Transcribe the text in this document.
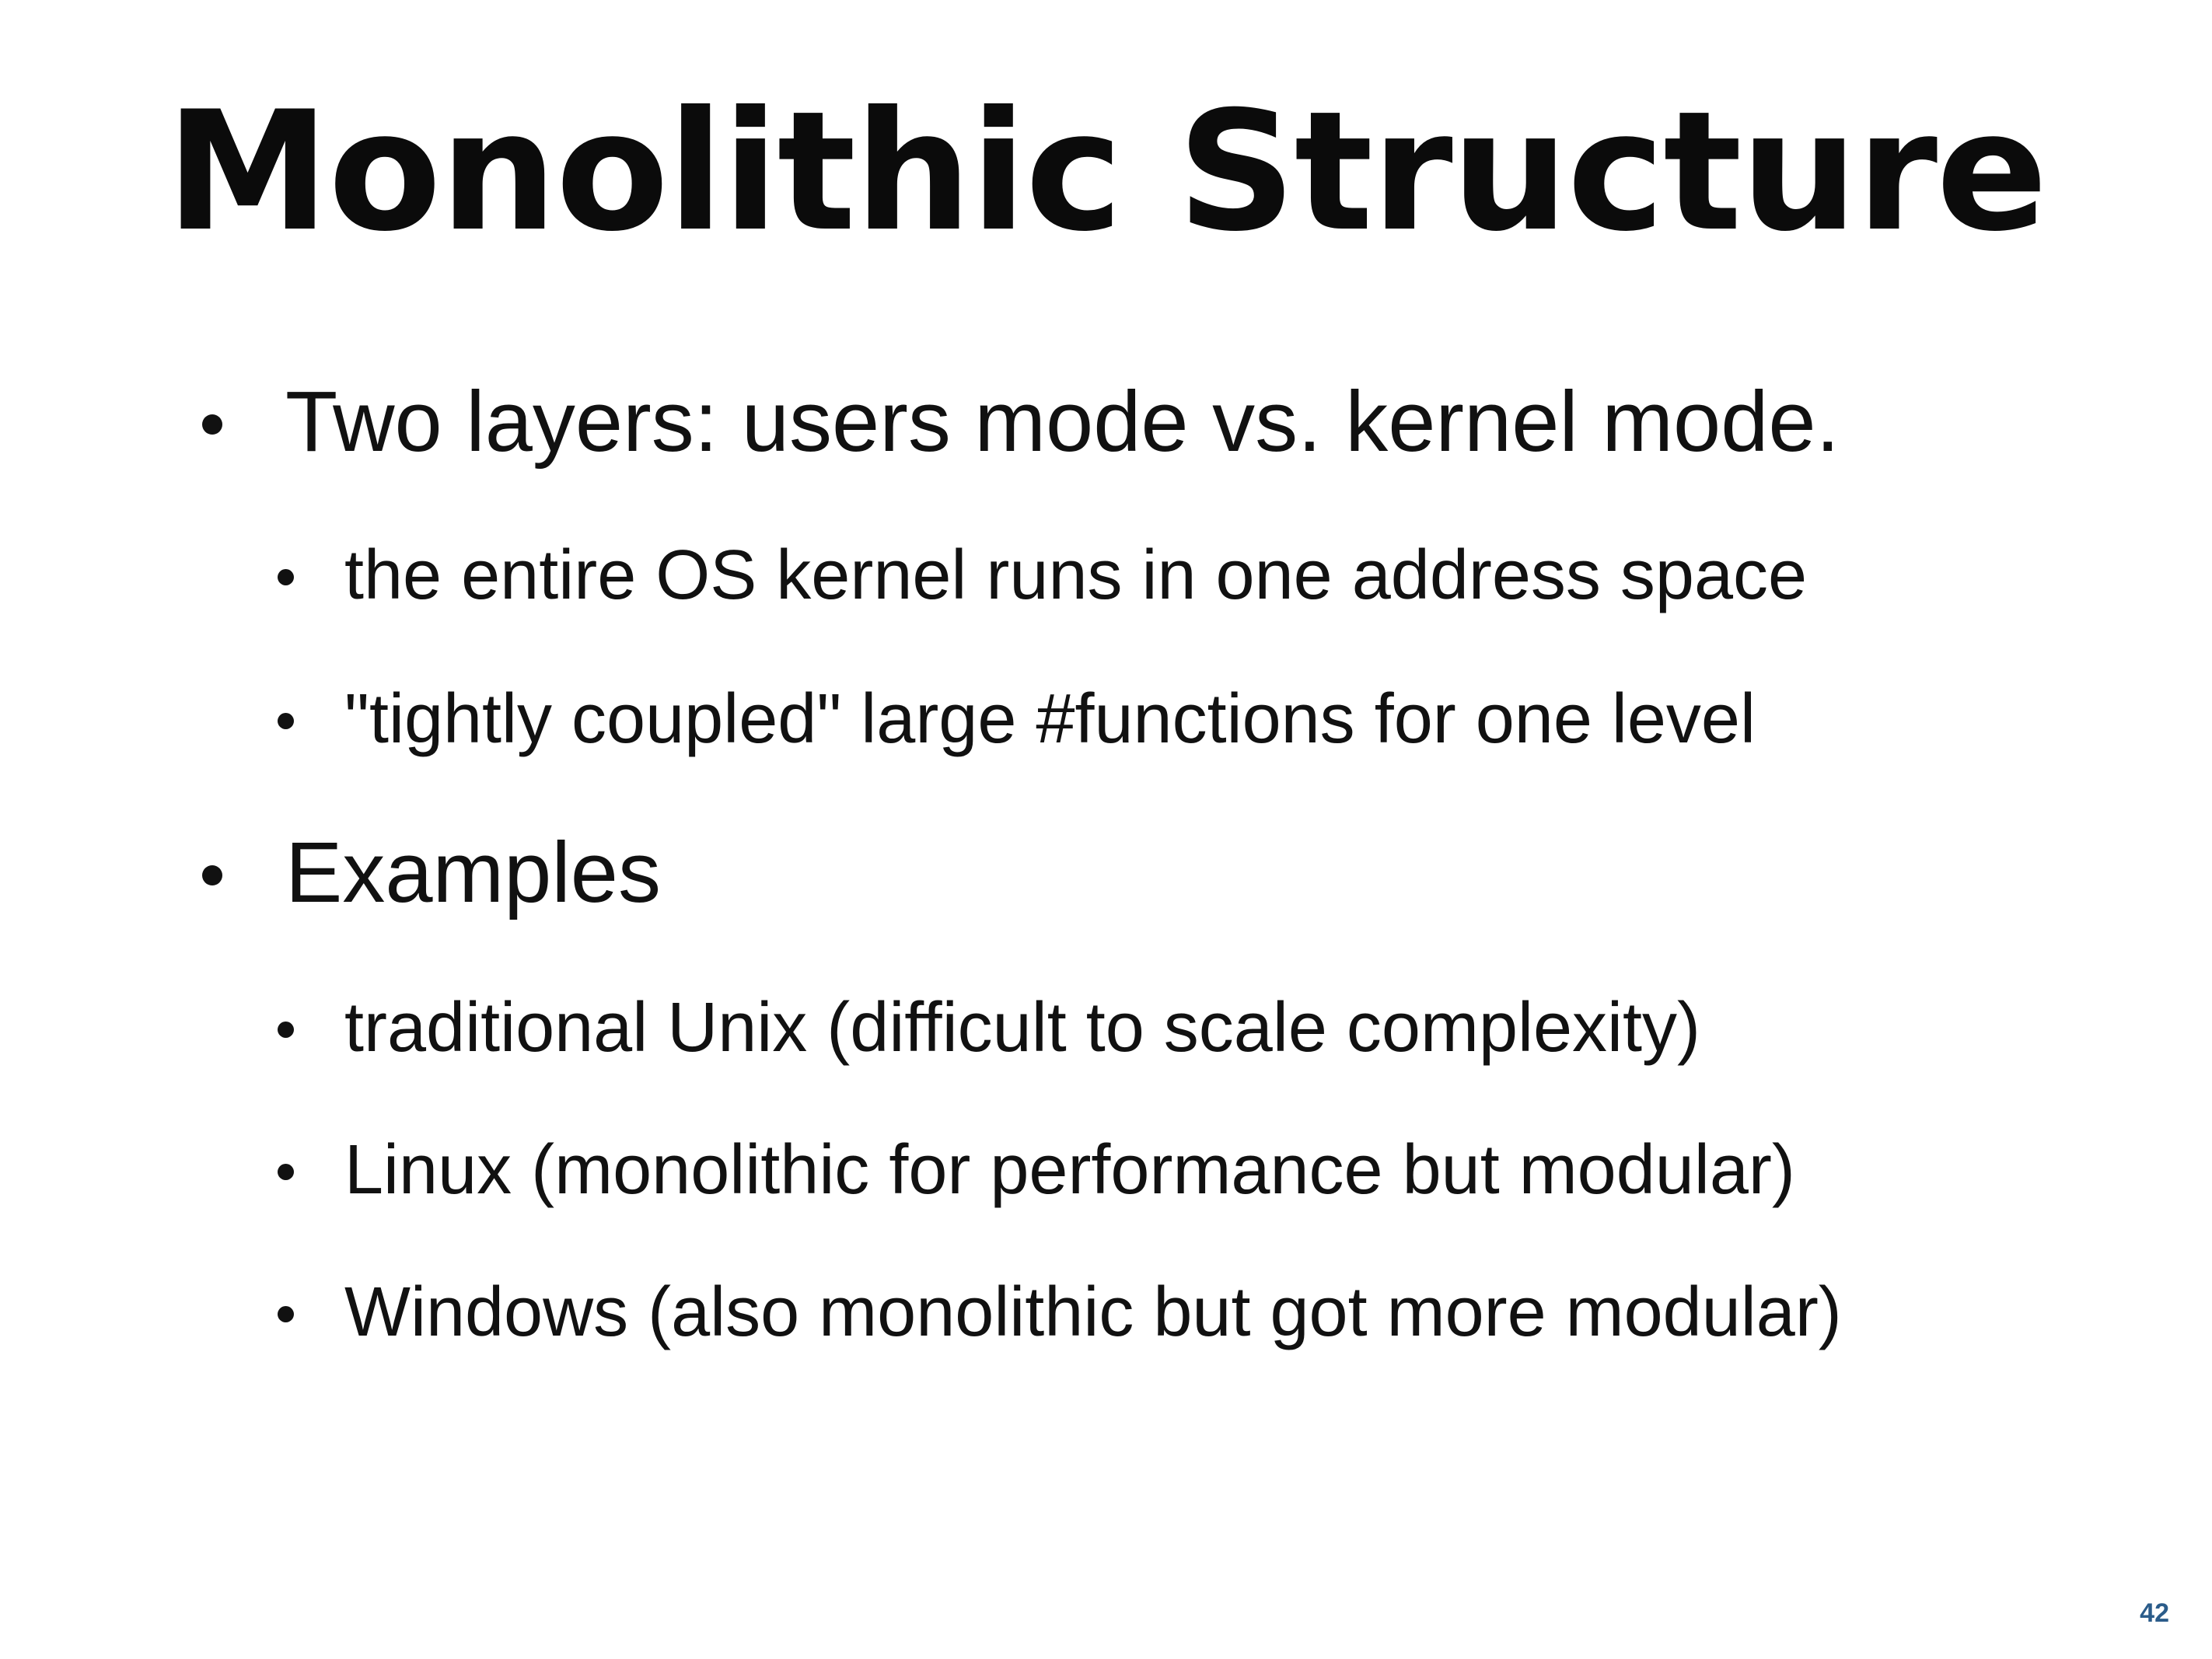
Monolithic Structure
Two layers: users mode vs. kernel mode.
the entire OS kernel runs in one address space
"tightly coupled" large #functions for one level
Examples
traditional Unix (difficult to scale complexity)
Linux (monolithic for performance but modular)
Windows (also monolithic but got more modular)
42
